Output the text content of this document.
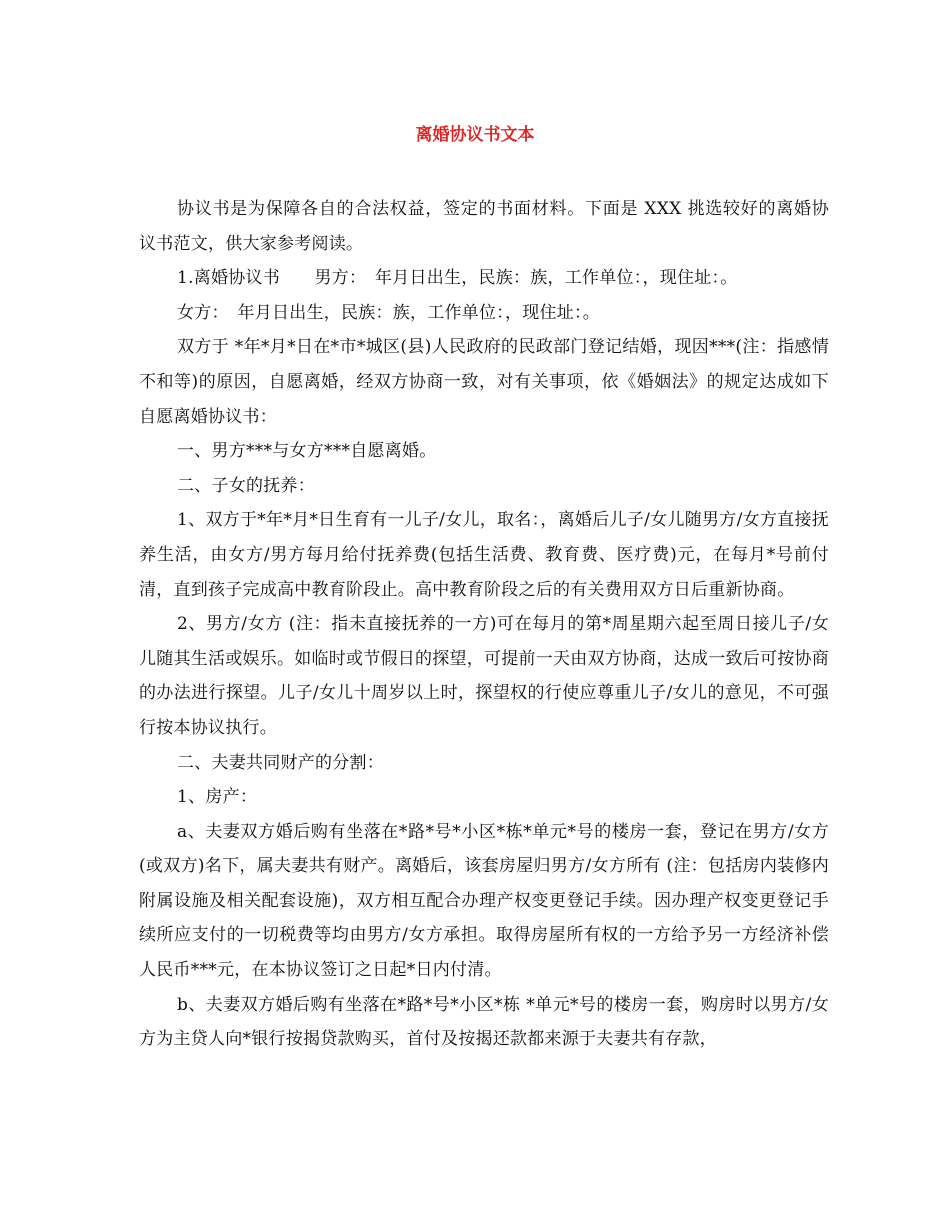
离婚协议书文本

协议书是为保障各自的合法权益，签定的书面材料。下面是 XXX 挑选较好的离婚协议书范文，供大家参考阅读。

1.离婚协议书　　男方：　年月日出生，民族：族，工作单位：，现住址：。

女方：　年月日出生，民族：族，工作单位：，现住址：。

双方于 *年*月*日在*市*城区(县)人民政府的民政部门登记结婚，现因***(注：指感情不和等)的原因，自愿离婚，经双方协商一致，对有关事项，依《婚姻法》的规定达成如下自愿离婚协议书：

一、男方***与女方***自愿离婚。

二、子女的抚养：

1、双方于*年*月*日生育有一儿子/女儿，取名：，离婚后儿子/女儿随男方/女方直接抚养生活，由女方/男方每月给付抚养费(包括生活费、教育费、医疗费)元，在每月*号前付清，直到孩子完成高中教育阶段止。高中教育阶段之后的有关费用双方日后重新协商。

2、男方/女方 (注：指未直接抚养的一方)可在每月的第*周星期六起至周日接儿子/女儿随其生活或娱乐。如临时或节假日的探望，可提前一天由双方协商，达成一致后可按协商的办法进行探望。儿子/女儿十周岁以上时，探望权的行使应尊重儿子/女儿的意见，不可强行按本协议执行。

二、夫妻共同财产的分割：

1、房产：

a、夫妻双方婚后购有坐落在*路*号*小区*栋*单元*号的楼房一套，登记在男方/女方(或双方)名下，属夫妻共有财产。离婚后，该套房屋归男方/女方所有 (注：包括房内装修内附属设施及相关配套设施)，双方相互配合办理产权变更登记手续。因办理产权变更登记手续所应支付的一切税费等均由男方/女方承担。取得房屋所有权的一方给予另一方经济补偿人民币***元，在本协议签订之日起*日内付清。

b、夫妻双方婚后购有坐落在*路*号*小区*栋 *单元*号的楼房一套，购房时以男方/女方为主贷人向*银行按揭贷款购买，首付及按揭还款都来源于夫妻共有存款，
